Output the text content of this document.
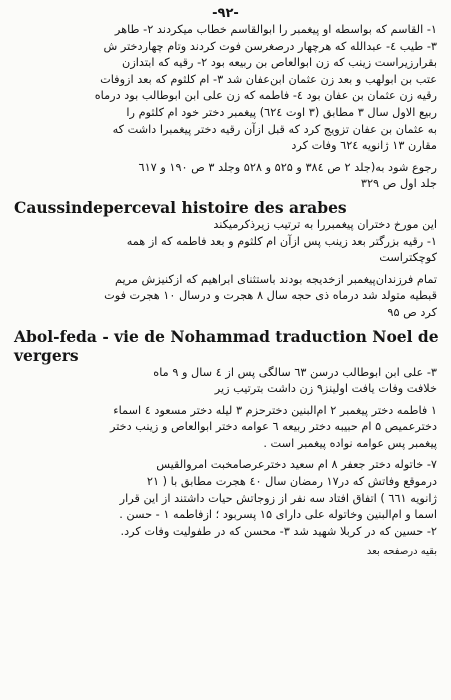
-۹۲-
۱- القاسم که بواسطه او پیغمبر را ابوالقاسم خطاب میکردند ۲- طاهر
۳- طیب ٤- عبدالله که هرچهار درصغرسن فوت کردند وتام چهاردختر ش
بقرارزیراست زینب که زن ابوالعاص بن ربیعه بود ۲- رقیه که ابتدازن
عتب بن ابولهب و بعد زن عثمان ابن‌عفان شد ۳- ام کلثوم که بعد ازوفات
رقیه زن عثمان بن عفان بود ٤- فاطمه که زن علی ابن ابوطالب بود درماه
ربیع الاول سال ۳ مطابق (۳ اوت ٦۲٤) پیغمبر دختر خود ام کلثوم را
به عثمان بن عفان تزویج کرد که قبل ازآن رقیه دختر پیغمبرا داشت که
مقارن ۱۳ ژانویه ٦۲٤ وفات کرد
رجوع شود به(جلد ۲ ص ۳۸٤ و ۵۲۵ و ۵۲۸ وجلد ۳ ص ۱۹۰ و ٦۱۷
جلد اول ص ۳۲۹
Caussindeperceval histoire des arabes
این مورخ دختران پیغمبررا به ترتیب زیرذکرمیکند
۱- رقیه بزرگتر بعد زینب پس ازآن ام کلثوم و بعد فاطمه که از همه
کوچکتراست
تمام فرزندان‌پیغمبر ازخدیجه بودند باستثنای ابراهیم که ازکنیزش مریم
قبطیه متولد شد درماه ذی حجه سال ۸ هجرت و درسال ۱۰ هجرت فوت
کرد ص ۹۵
Abol-feda - vie de Nohammad traduction Noel de
vergers
۳- علی ابن ابوطالب درسن ٦۳ سالگی پس از ٤ سال و ۹ ماه
خلافت وفات یافت اولینز۹ زن داشت بترتیب زیر
۱ فاطمه دختر پیغمبر ۲ ام‌البنین دخترحزم ۳ لیله دختر مسعود ٤ اسماء
دخترعمیص ۵ ام حبیبه دختر ربیعه ٦ عوامه دختر ابوالعاص و زینب دختر
پیغمبر پس عوامه نواده پیغمبر است .
۷- خاتوله دختر جعفر ۸ ام سعید دخترعرصامخبت امروالقیس
درموقع وفاتش که در۱۷ رمضان سال ٤۰ هجرت مطابق با ( ۲۱
ژانویه ٦٦۱ ) اتفاق افتاد سه نفر از زوجاتش حیات داشتند از این قرار
اسما و ام‌البنین وخاتوله علی دارای ۱۵ پسربود ؛ ازفاطمه ۱ - حسن .
۲- حسین که در کربلا شهید شد ۳- محسن که در طفولیت وفات کرد.
بقیه درصفحه بعد
